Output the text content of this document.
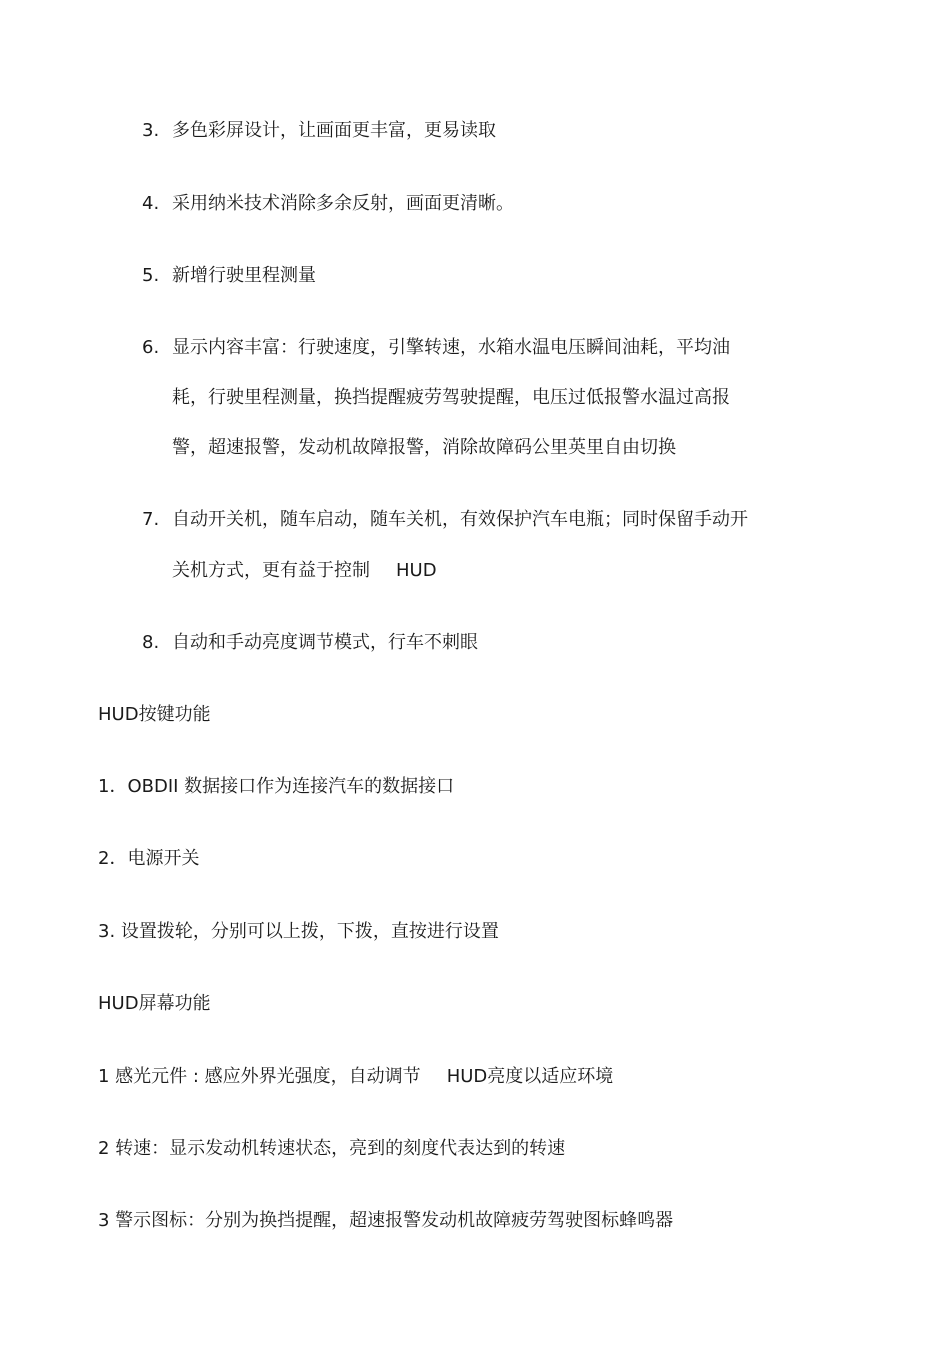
3. 多色彩屏设计，让画面更丰富，更易读取
4. 采用纳米技术消除多余反射，画面更清晰。
5. 新增行驶里程测量
6. 显示内容丰富：行驶速度，引擎转速，水箱水温电压瞬间油耗，平均油
耗，行驶里程测量，换挡提醒疲劳驾驶提醒，电压过低报警水温过高报
警，超速报警，发动机故障报警，消除故障码公里英里自由切换
7. 自动开关机，随车启动，随车关机，有效保护汽车电瓶；同时保留手动开
关机方式，更有益于控制 HUD
8. 自动和手动亮度调节模式，行车不刺眼
HUD按键功能
1．OBDII 数据接口作为连接汽车的数据接口
2．电源开关
3. 设置拨轮，分别可以上拨，下拨，直按进行设置
HUD屏幕功能
1 感光元件 : 感应外界光强度，自动调节 HUD亮度以适应环境
2 转速：显示发动机转速状态，亮到的刻度代表达到的转速
3 警示图标：分别为换挡提醒，超速报警发动机故障疲劳驾驶图标蜂鸣器
